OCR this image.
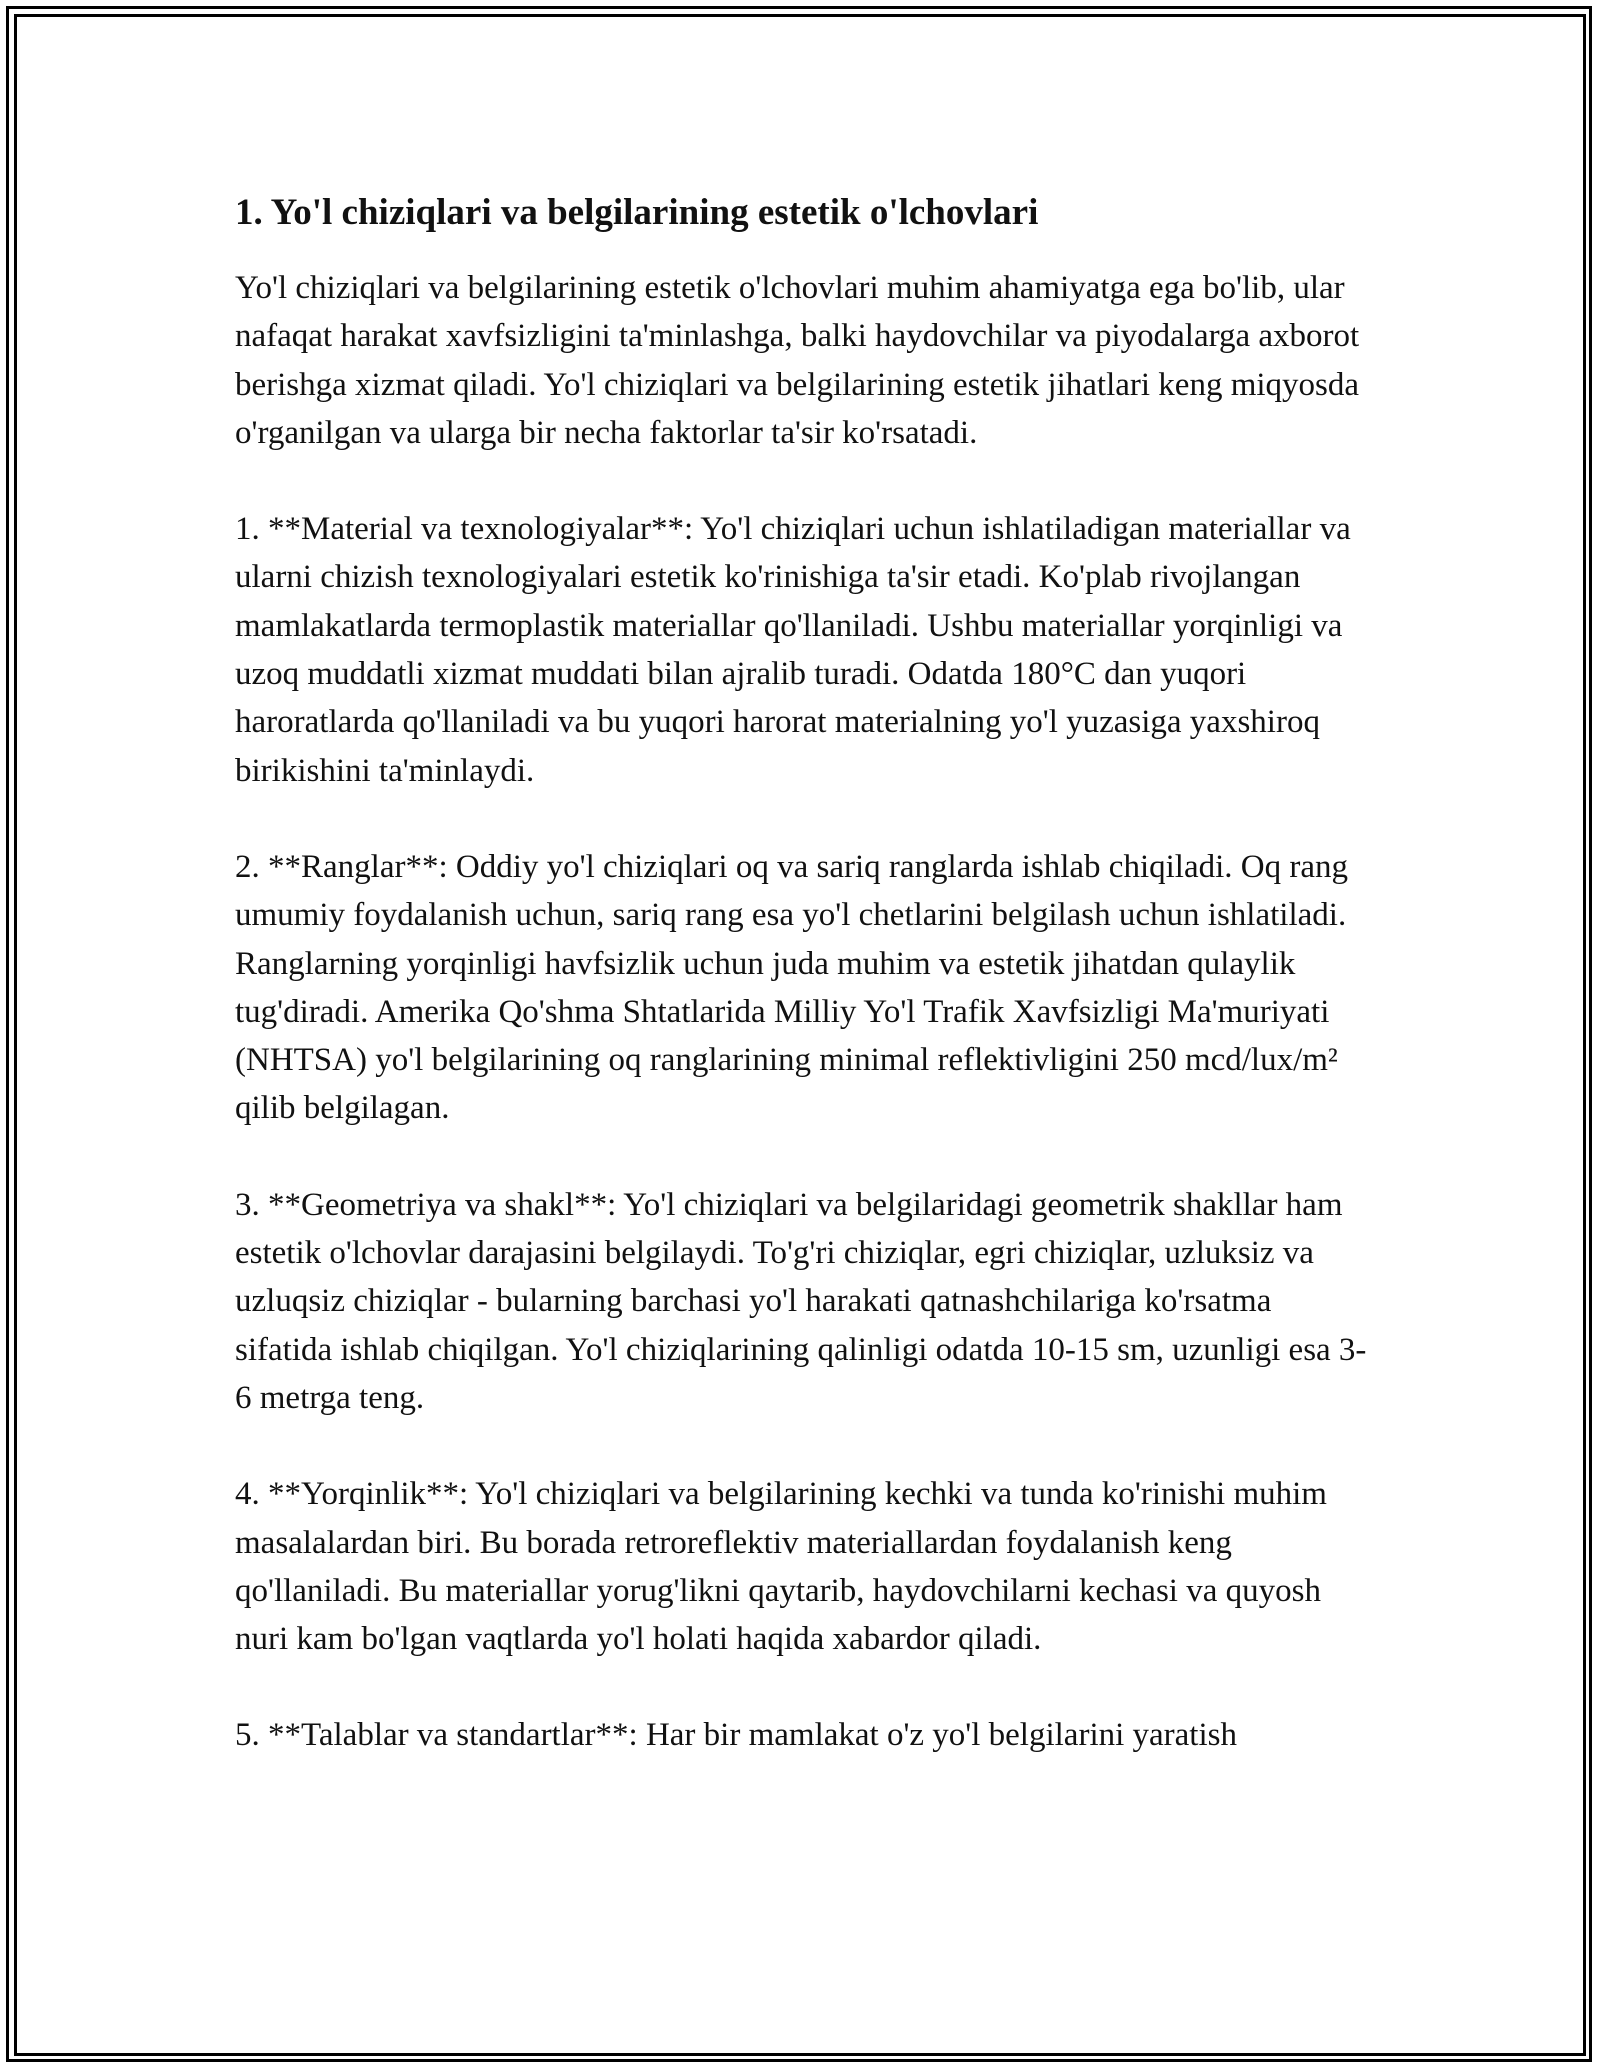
1. Yo'l chiziqlari va belgilarining estetik o'lchovlari

Yo'l chiziqlari va belgilarining estetik o'lchovlari muhim ahamiyatga ega bo'lib, ular nafaqat harakat xavfsizligini ta'minlashga, balki haydovchilar va piyodalarga axborot berishga xizmat qiladi. Yo'l chiziqlari va belgilarining estetik jihatlari keng miqyosda o'rganilgan va ularga bir necha faktorlar ta'sir ko'rsatadi.

1. **Material va texnologiyalar**: Yo'l chiziqlari uchun ishlatiladigan materiallar va ularni chizish texnologiyalari estetik ko'rinishiga ta'sir etadi. Ko'plab rivojlangan mamlakatlarda termoplastik materiallar qo'llaniladi. Ushbu materiallar yorqinligi va uzoq muddatli xizmat muddati bilan ajralib turadi. Odatda 180°C dan yuqori haroratlarda qo'llaniladi va bu yuqori harorat materialning yo'l yuzasiga yaxshiroq birikishini ta'minlaydi.

2. **Ranglar**: Oddiy yo'l chiziqlari oq va sariq ranglarda ishlab chiqiladi. Oq rang umumiy foydalanish uchun, sariq rang esa yo'l chetlarini belgilash uchun ishlatiladi. Ranglarning yorqinligi havfsizlik uchun juda muhim va estetik jihatdan qulaylik tug'diradi. Amerika Qo'shma Shtatlarida Milliy Yo'l Trafik Xavfsizligi Ma'muriyati (NHTSA) yo'l belgilarining oq ranglarining minimal reflektivligini 250 mcd/lux/m² qilib belgilagan.

3. **Geometriya va shakl**: Yo'l chiziqlari va belgilaridagi geometrik shakllar ham estetik o'lchovlar darajasini belgilaydi. To'g'ri chiziqlar, egri chiziqlar, uzluksiz va uzluqsiz chiziqlar - bularning barchasi yo'l harakati qatnashchilariga ko'rsatma sifatida ishlab chiqilgan. Yo'l chiziqlarining qalinligi odatda 10-15 sm, uzunligi esa 3-6 metrga teng.

4. **Yorqinlik**: Yo'l chiziqlari va belgilarining kechki va tunda ko'rinishi muhim masalalardan biri. Bu borada retroreflektiv materiallardan foydalanish keng qo'llaniladi. Bu materiallar yorug'likni qaytarib, haydovchilarni kechasi va quyosh nuri kam bo'lgan vaqtlarda yo'l holati haqida xabardor qiladi.

5. **Talablar va standartlar**: Har bir mamlakat o'z yo'l belgilarini yaratish
